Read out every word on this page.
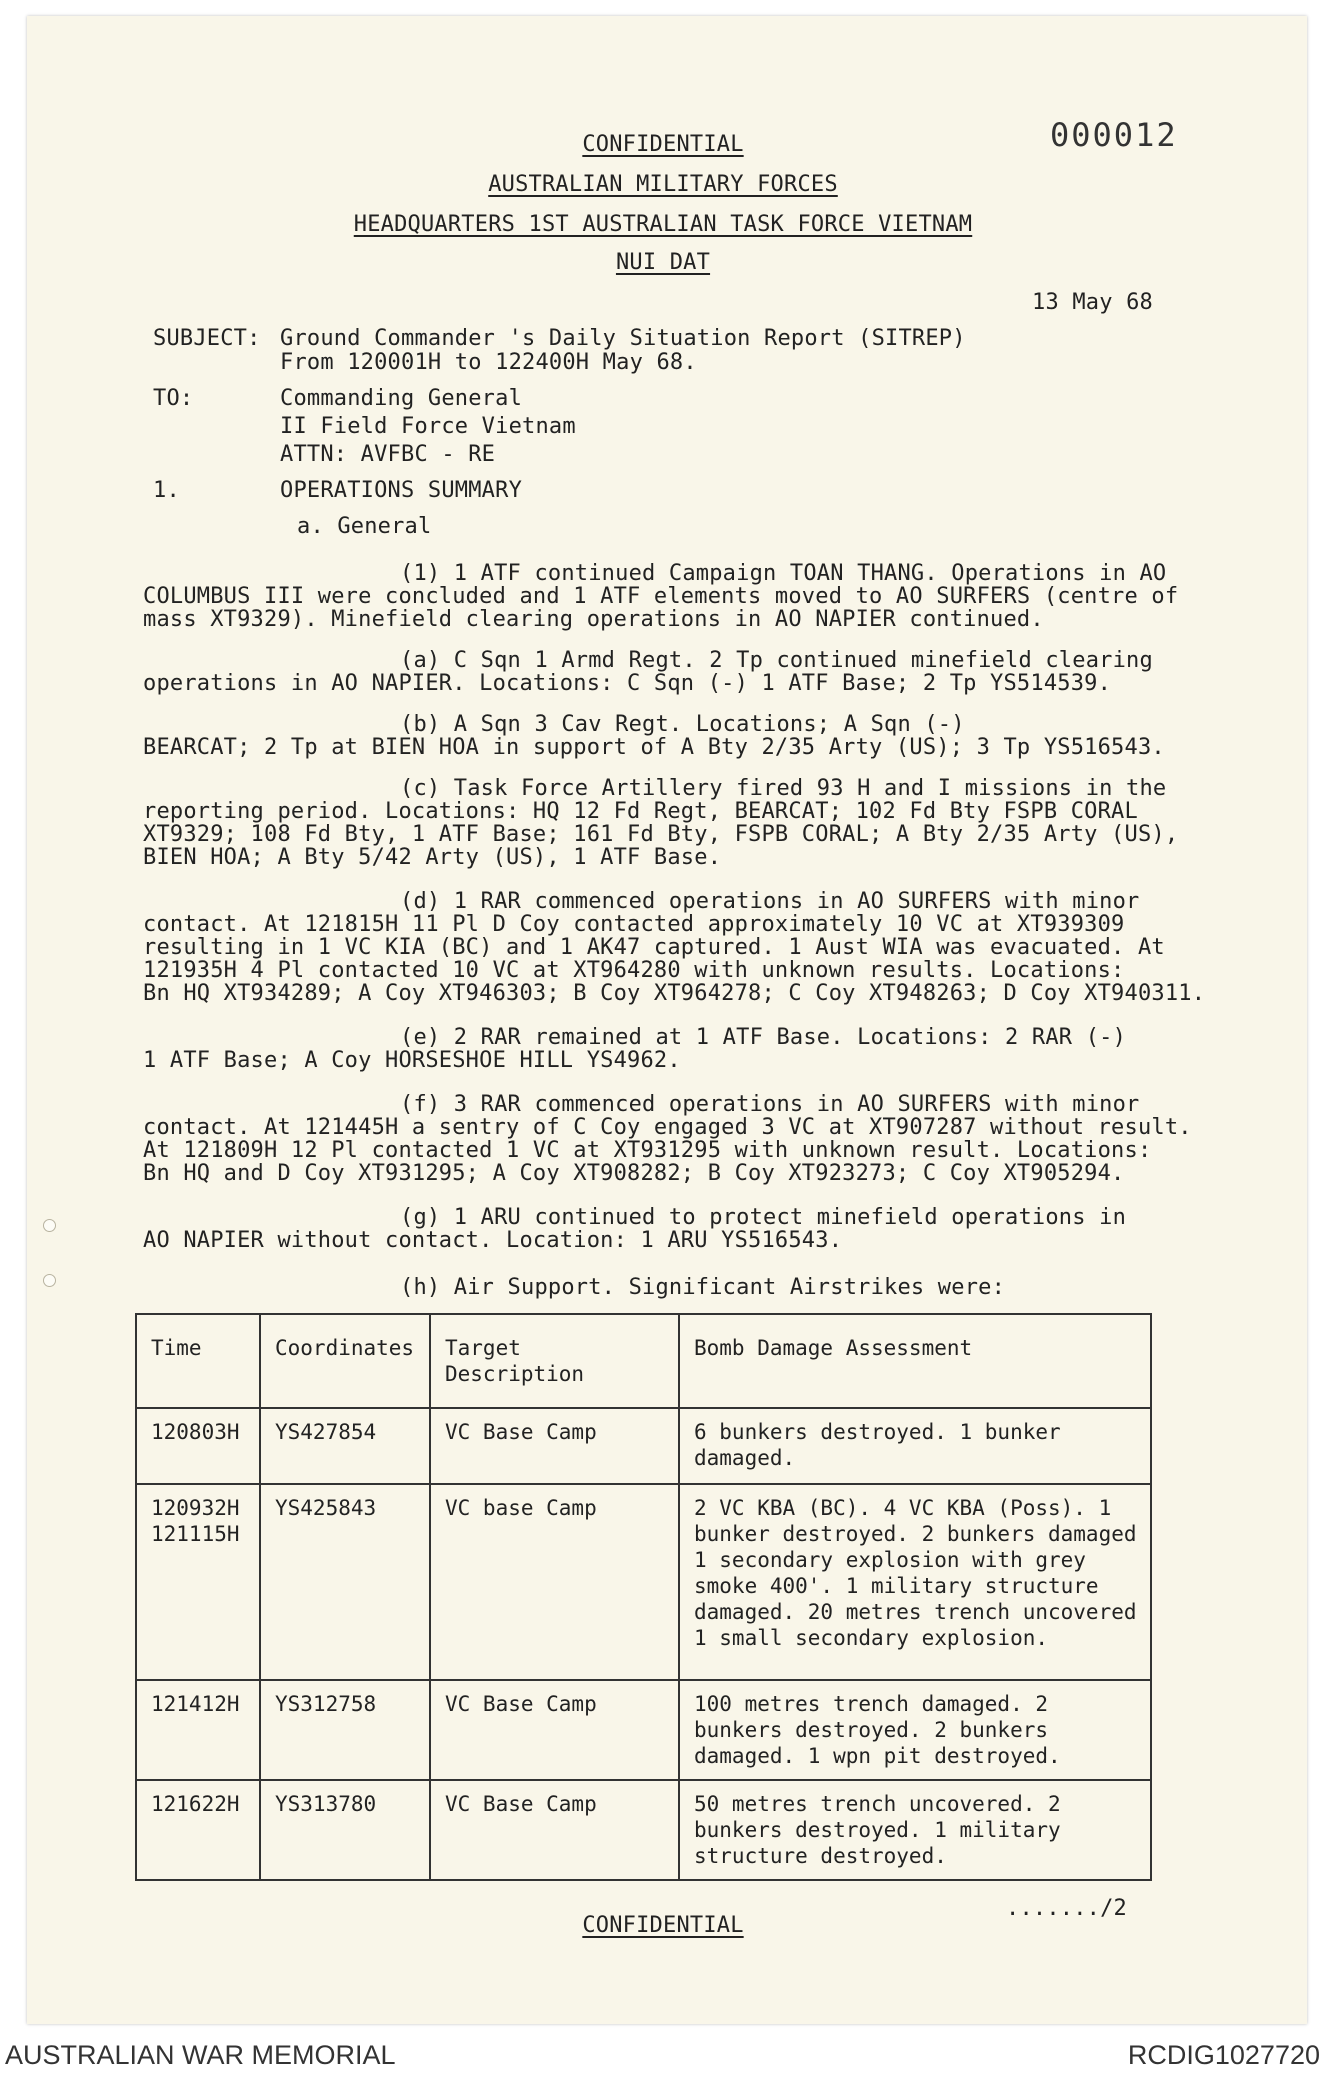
CONFIDENTIAL
AUSTRALIAN MILITARY FORCES
HEADQUARTERS 1ST AUSTRALIAN TASK FORCE VIETNAM
NUI DAT
000012
13 May 68
SUBJECT: Ground Commander 's Daily Situation Report (SITREP)
From 120001H to 122400H May 68.
TO:	Commanding General
II Field Force Vietnam
ATTN: AVFBC - RE
1.	OPERATIONS SUMMARY
a. General
(1) 1 ATF continued Campaign TOAN THANG. Operations in AO
COLUMBUS III were concluded and 1 ATF elements moved to AO SURFERS (centre of
mass XT9329). Minefield clearing operations in AO NAPIER continued.
(a) C Sqn 1 Armd Regt. 2 Tp continued minefield clearing
operations in AO NAPIER. Locations: C Sqn (-) 1 ATF Base; 2 Tp YS514539.
(b) A Sqn 3 Cav Regt. Locations; A Sqn (-)
BEARCAT; 2 Tp at BIEN HOA in support of A Bty 2/35 Arty (US); 3 Tp YS516543.
(c) Task Force Artillery fired 93 H and I missions in the
reporting period. Locations: HQ 12 Fd Regt, BEARCAT; 102 Fd Bty FSPB CORAL
XT9329; 108 Fd Bty, 1 ATF Base; 161 Fd Bty, FSPB CORAL; A Bty 2/35 Arty (US),
BIEN HOA; A Bty 5/42 Arty (US), 1 ATF Base.
(d) 1 RAR commenced operations in AO SURFERS with minor
contact. At 121815H 11 Pl D Coy contacted approximately 10 VC at XT939309
resulting in 1 VC KIA (BC) and 1 AK47 captured. 1 Aust WIA was evacuated. At
121935H 4 Pl contacted 10 VC at XT964280 with unknown results. Locations:
Bn HQ XT934289; A Coy XT946303; B Coy XT964278; C Coy XT948263; D Coy XT940311.
(e) 2 RAR remained at 1 ATF Base. Locations: 2 RAR (-)
1 ATF Base; A Coy HORSESHOE HILL YS4962.
(f) 3 RAR commenced operations in AO SURFERS with minor
contact. At 121445H a sentry of C Coy engaged 3 VC at XT907287 without result.
At 121809H 12 Pl contacted 1 VC at XT931295 with unknown result. Locations:
Bn HQ and D Coy XT931295; A Coy XT908282; B Coy XT923273; C Coy XT905294.
(g) 1 ARU continued to protect minefield operations in
AO NAPIER without contact. Location: 1 ARU YS516543.
(h) Air Support. Significant Airstrikes were:
Time	Coordinates	Target Description	Bomb Damage Assessment
120803H	YS427854	VC Base Camp	6 bunkers destroyed. 1 bunker damaged.
120932H
121115H	YS425843	VC base Camp	2 VC KBA (BC). 4 VC KBA (Poss). 1 bunker destroyed. 2 bunkers damaged 1 secondary explosion with grey smoke 400'. 1 military structure damaged. 20 metres trench uncovered 1 small secondary explosion.
121412H	YS312758	VC Base Camp	100 metres trench damaged. 2 bunkers destroyed. 2 bunkers damaged. 1 wpn pit destroyed.
121622H	YS313780	VC Base Camp	50 metres trench uncovered. 2 bunkers destroyed. 1 military structure destroyed.
CONFIDENTIAL
......./2
AUSTRALIAN WAR MEMORIAL	RCDIG1027720
